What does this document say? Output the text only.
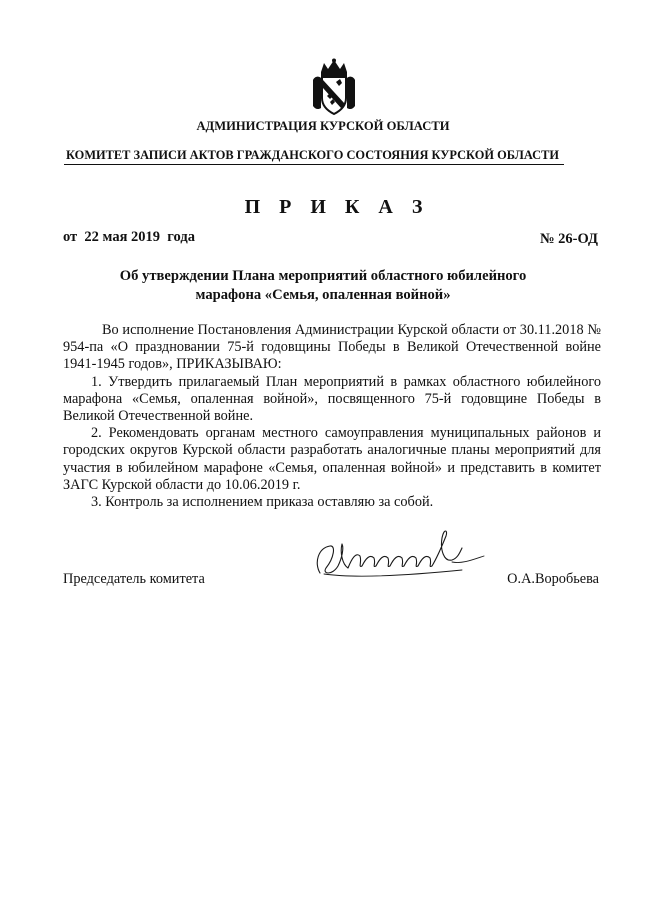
АДМИНИСТРАЦИЯ КУРСКОЙ ОБЛАСТИ
КОМИТЕТ ЗАПИСИ АКТОВ ГРАЖДАНСКОГО СОСТОЯНИЯ КУРСКОЙ ОБЛАСТИ
П Р И К А З
от  22 мая 2019  года	№ 26-ОД
Об утверждении Плана мероприятий областного юбилейного
марафона «Семья, опаленная войной»

Во исполнение Постановления Администрации Курской области от 30.11.2018 № 954-па «О праздновании 75-й годовщины Победы в Великой Отечественной войне 1941-1945 годов», ПРИКАЗЫВАЮ:

1. Утвердить прилагаемый План мероприятий в рамках областного юбилейного марафона «Семья, опаленная войной», посвященного 75-й годовщине Победы в Великой Отечественной войне.

2. Рекомендовать органам местного самоуправления муниципальных районов и городских округов Курской области разработать аналогичные планы мероприятий для участия в юбилейном марафоне «Семья, опаленная войной» и представить в комитет ЗАГС Курской области до 10.06.2019 г.

3. Контроль за исполнением приказа оставляю за собой.

Председатель комитета	О.А.Воробьева
